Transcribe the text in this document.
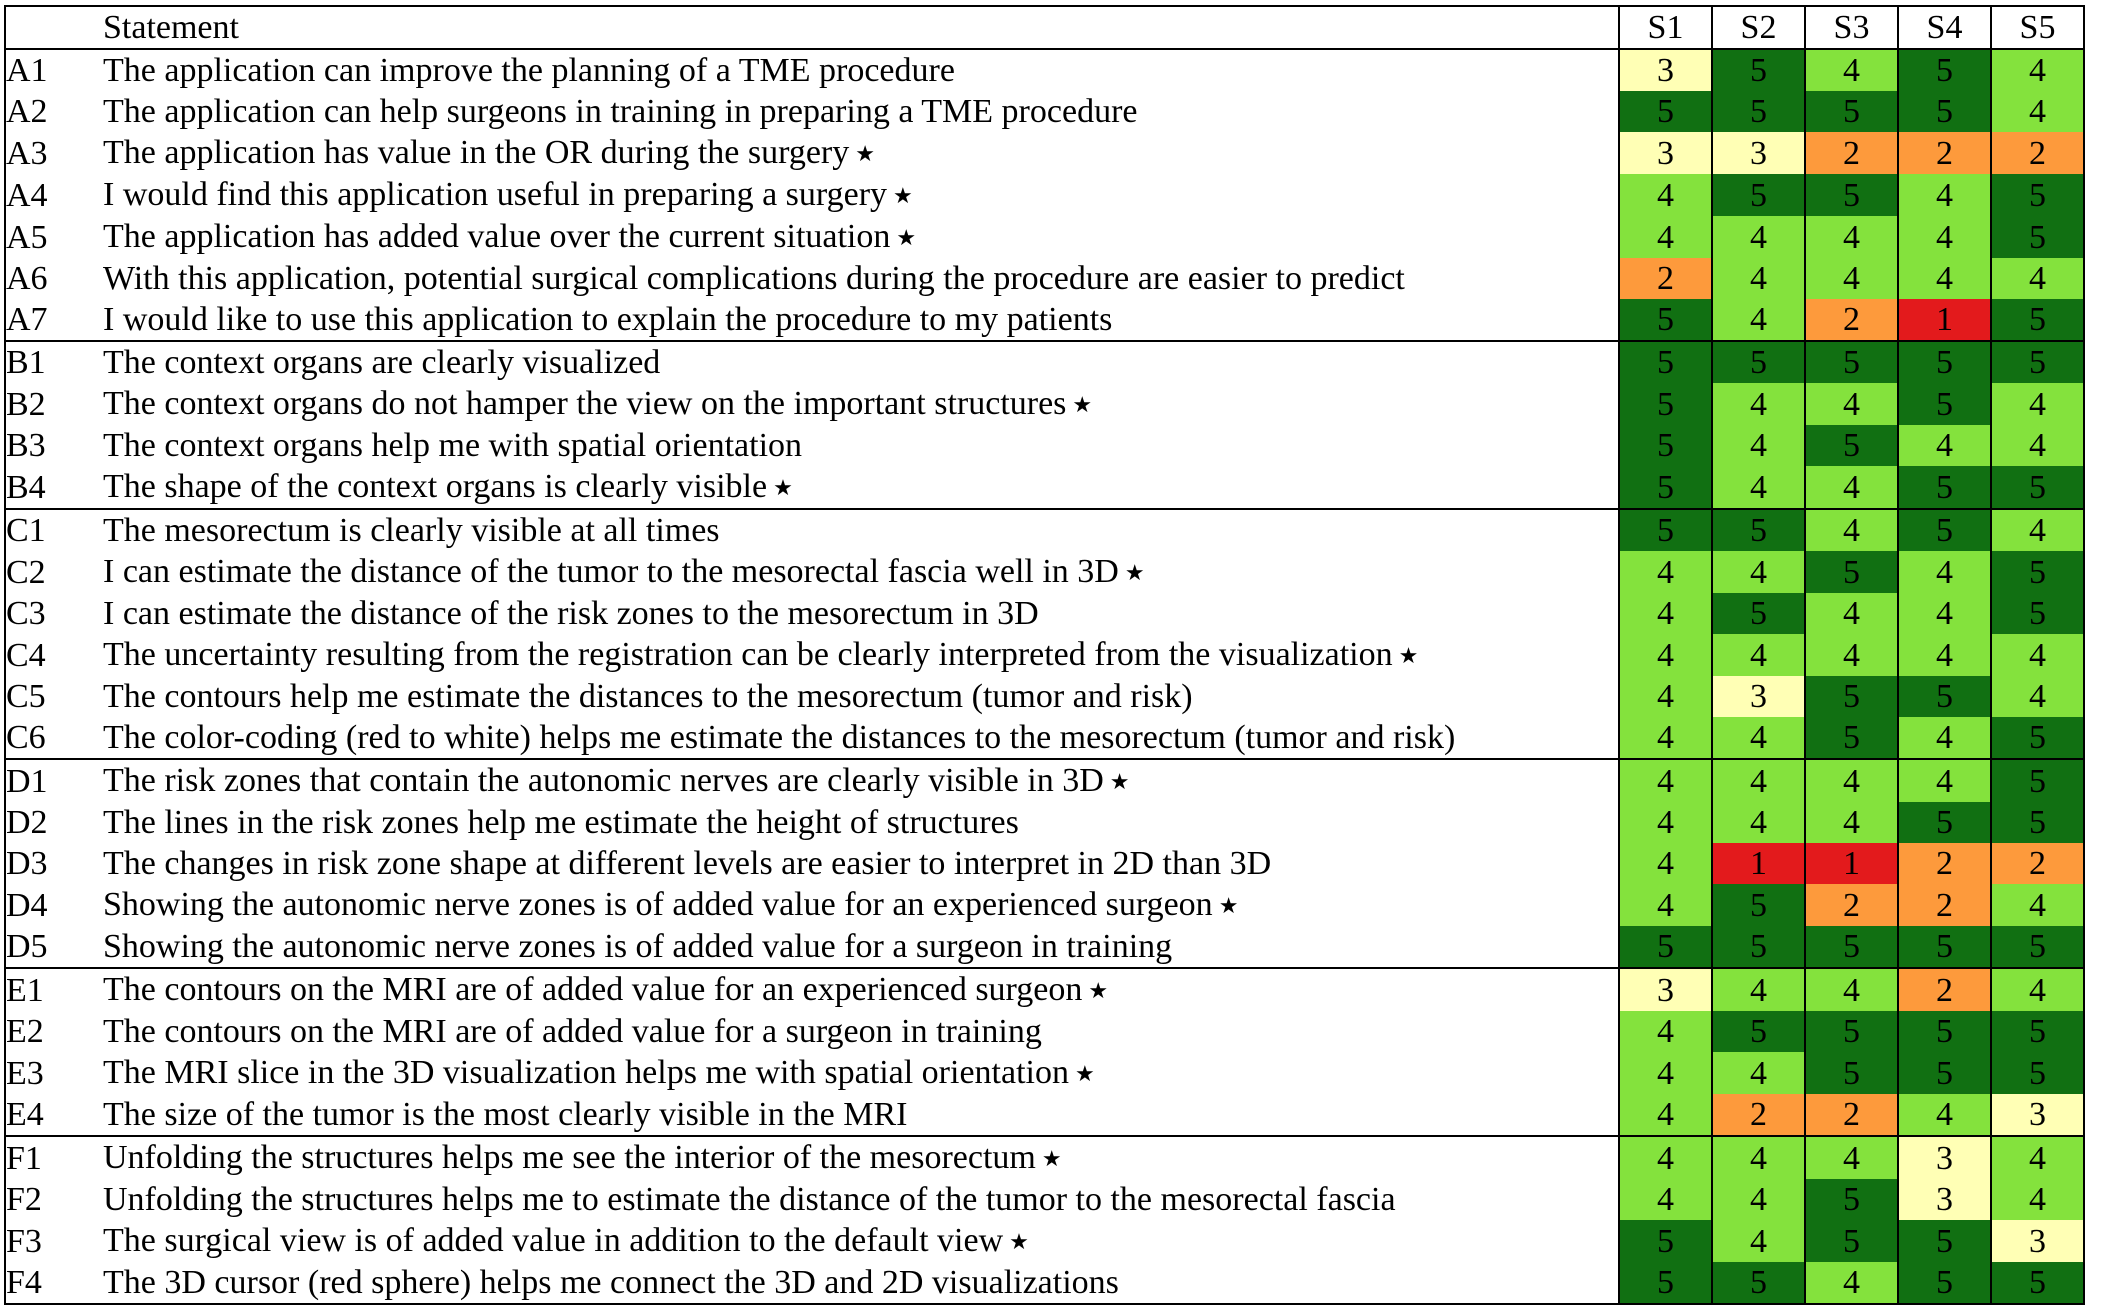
	Statement	S1	S2	S3	S4	S5
A1	The application can improve the planning of a TME procedure	3	5	4	5	4
A2	The application can help surgeons in training in preparing a TME procedure	5	5	5	5	4
A3	The application has value in the OR during the surgery ★	3	3	2	2	2
A4	I would find this application useful in preparing a surgery ★	4	5	5	4	5
A5	The application has added value over the current situation ★	4	4	4	4	5
A6	With this application, potential surgical complications during the procedure are easier to predict	2	4	4	4	4
A7	I would like to use this application to explain the procedure to my patients	5	4	2	1	5
B1	The context organs are clearly visualized	5	5	5	5	5
B2	The context organs do not hamper the view on the important structures ★	5	4	4	5	4
B3	The context organs help me with spatial orientation	5	4	5	4	4
B4	The shape of the context organs is clearly visible ★	5	4	4	5	5
C1	The mesorectum is clearly visible at all times	5	5	4	5	4
C2	I can estimate the distance of the tumor to the mesorectal fascia well in 3D ★	4	4	5	4	5
C3	I can estimate the distance of the risk zones to the mesorectum in 3D	4	5	4	4	5
C4	The uncertainty resulting from the registration can be clearly interpreted from the visualization ★	4	4	4	4	4
C5	The contours help me estimate the distances to the mesorectum (tumor and risk)	4	3	5	5	4
C6	The color-coding (red to white) helps me estimate the distances to the mesorectum (tumor and risk)	4	4	5	4	5
D1	The risk zones that contain the autonomic nerves are clearly visible in 3D ★	4	4	4	4	5
D2	The lines in the risk zones help me estimate the height of structures	4	4	4	5	5
D3	The changes in risk zone shape at different levels are easier to interpret in 2D than 3D	4	1	1	2	2
D4	Showing the autonomic nerve zones is of added value for an experienced surgeon ★	4	5	2	2	4
D5	Showing the autonomic nerve zones is of added value for a surgeon in training	5	5	5	5	5
E1	The contours on the MRI are of added value for an experienced surgeon ★	3	4	4	2	4
E2	The contours on the MRI are of added value for a surgeon in training	4	5	5	5	5
E3	The MRI slice in the 3D visualization helps me with spatial orientation ★	4	4	5	5	5
E4	The size of the tumor is the most clearly visible in the MRI	4	2	2	4	3
F1	Unfolding the structures helps me see the interior of the mesorectum ★	4	4	4	3	4
F2	Unfolding the structures helps me to estimate the distance of the tumor to the mesorectal fascia	4	4	5	3	4
F3	The surgical view is of added value in addition to the default view ★	5	4	5	5	3
F4	The 3D cursor (red sphere) helps me connect the 3D and 2D visualizations	5	5	4	5	5
